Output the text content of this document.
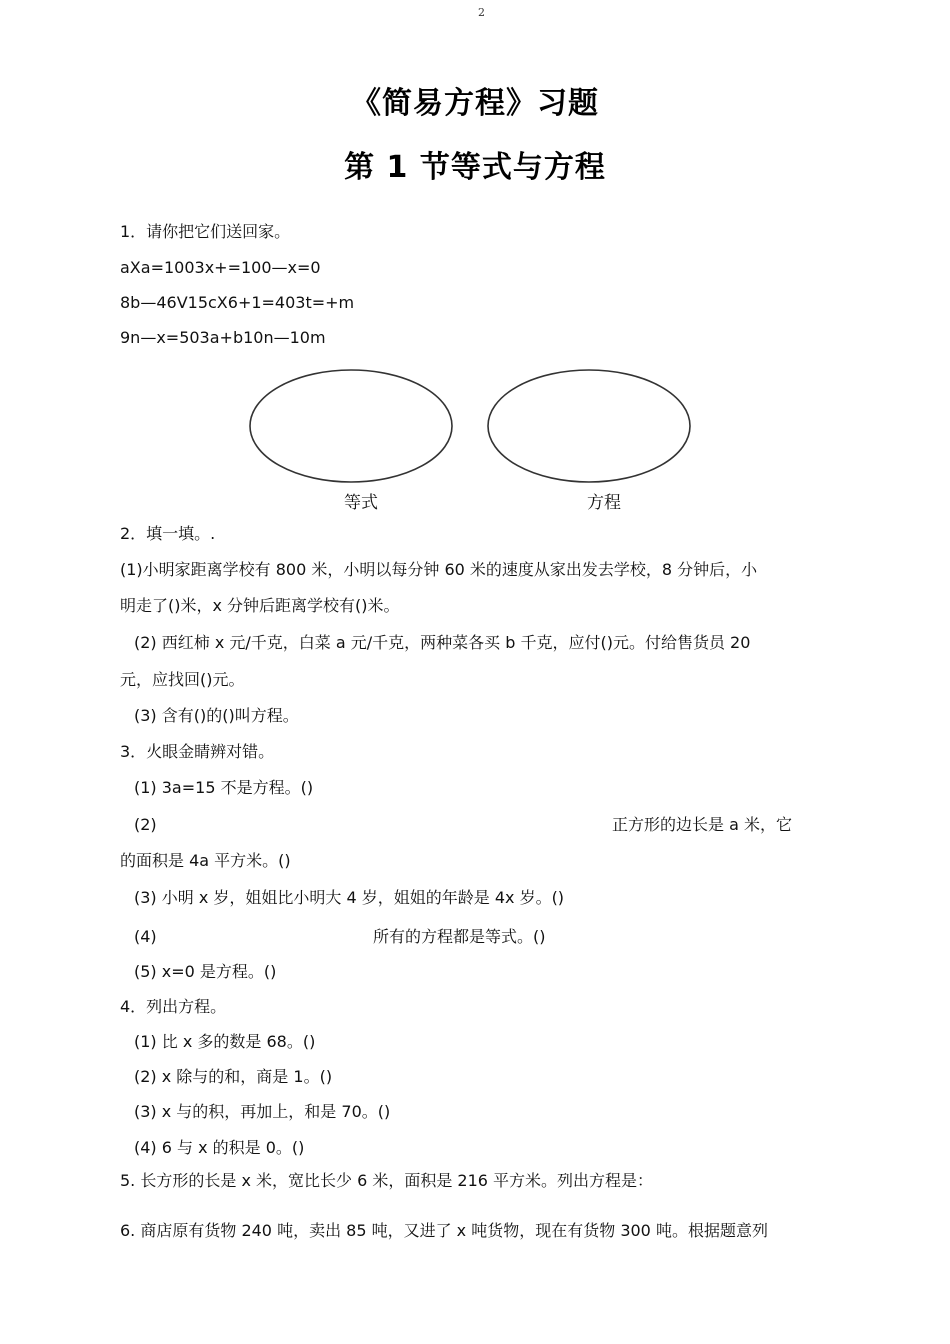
2
《简易方程》习题
第 1 节等式与方程
1．请你把它们送回家。
aXa=1003x+=100—x=0
8b—46V15cX6+1=403t=+m
9n—x=503a+b10n—10m
等式	方程
2．填一填。.
(1)小明家距离学校有 800 米，小明以每分钟 60 米的速度从家出发去学校，8 分钟后，小
明走了()米，x 分钟后距离学校有()米。
(2) 西红柿 x 元/千克，白菜 a 元/千克，两种菜各买 b 千克，应付()元。付给售货员 20
元，应找回()元。
(3) 含有()的()叫方程。
3．火眼金睛辨对错。
(1) 3a=15 不是方程。()
(2)	正方形的边长是 a 米，它
的面积是 4a 平方米。()
(3) 小明 x 岁，姐姐比小明大 4 岁，姐姐的年龄是 4x 岁。()
(4)	所有的方程都是等式。()
(5) x=0 是方程。()
4．列出方程。
(1) 比 x 多的数是 68。()
(2) x 除与的和，商是 1。()
(3) x 与的积，再加上，和是 70。()
(4) 6 与 x 的积是 0。()
5. 长方形的长是 x 米，宽比长少 6 米，面积是 216 平方米。列出方程是：
6. 商店原有货物 240 吨，卖出 85 吨，又进了 x 吨货物，现在有货物 300 吨。根据题意列
